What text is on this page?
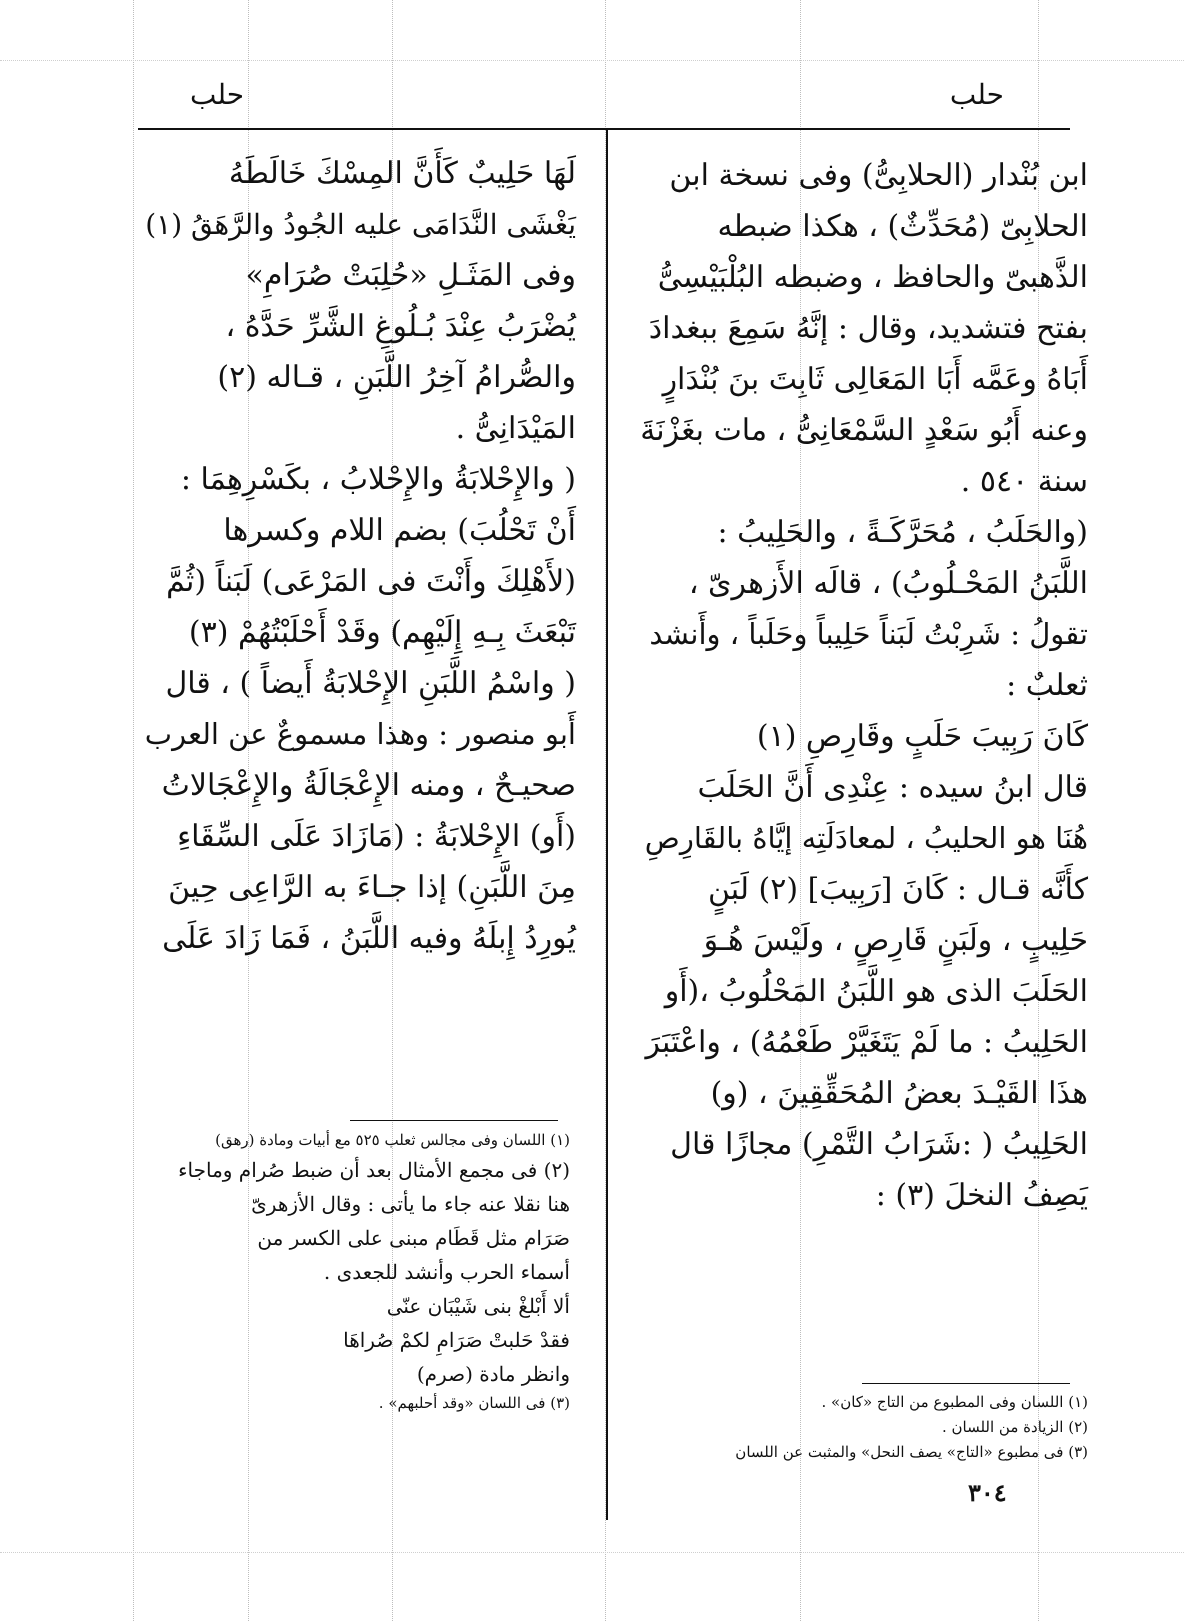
حلب
حلب
ابن بُنْدار (الحلابِىُّ) وفى نسخة ابن
الحلابِىّ (مُحَدِّثٌ) ، هكذا ضبطه
الذَّهبىّ والحافظ ، وضبطه البُلْبَيْسِىُّ
بفتح فتشديد، وقال : إنَّهُ سَمِعَ ببغدادَ
أَبَاهُ وعَمَّه أَبَا المَعَالِى ثَابِتَ بنَ بُنْدَارٍ
وعنه أَبُو سَعْدٍ السَّمْعَانِىُّ ، مات بغَزْنَةَ
سنة ٥٤٠ .
(والحَلَبُ ، مُحَرَّكَـةً ، والحَلِيبُ :
اللَّبَنُ المَحْـلُوبُ) ، قالَه الأَزهرىّ ،
تقولُ : شَرِبْتُ لَبَناً حَلِيباً وحَلَباً ، وأَنشد
ثعلبٌ :
كَانَ رَبِيبَ حَلَبٍ وقَارِصِ (١)
قال ابنُ سيده : عِنْدِى أَنَّ الحَلَبَ
هُنَا هو الحليبُ ، لمعادَلَتِه إيَّاهُ بالقَارِصِ
كأَنَّه قـال : كَانَ [رَبِيبَ] (٢) لَبَنٍ
حَلِيبٍ ، ولَبَنٍ قَارِصٍ ، ولَيْسَ هُـوَ
الحَلَبَ الذى هو اللَّبَنُ المَحْلُوبُ ،(أَو
الحَلِيبُ : ما لَمْ يَتَغَيَّرْ طَعْمُهُ) ، واعْتَبَرَ
هذَا القَيْـدَ بعضُ المُحَقِّقِينَ ، (و)
الحَلِيبُ ( :شَرَابُ التَّمْرِ) مجازًا قال
يَصِفُ النخلَ (٣) :
لَهَا حَلِيبٌ كَأَنَّ المِسْكَ خَالَطَهُ
يَغْشَى النَّدَامَى عليه الجُودُ والرَّهَقُ (١)
وفى المَثَـلِ «حُلِبَتْ صُرَامِ»
يُضْرَبُ عِنْدَ بُـلُوغِ الشَّرِّ حَدَّهُ ،
والصُّرامُ آخِرُ اللَّبَنِ ، قـاله (٢)
المَيْدَانِىُّ .
( والإِحْلابَةُ والإِحْلابُ ، بكَسْرِهِمَا :
أَنْ تَحْلُبَ) بضم اللام وكسرها
(لأَهْلِكَ وأَنْتَ فى المَرْعَى) لَبَناً (ثُمَّ
تَبْعَثَ بِـهِ إِلَيْهِم) وقَدْ أَحْلَبْتُهُمْ (٣)
( واسْمُ اللَّبَنِ الإِحْلابَةُ أَيضاً ) ، قال
أَبو منصور : وهذا مسموعٌ عن العرب
صحيـحٌ ، ومنه الإِعْجَالَةُ والإِعْجَالاتُ
(أَو) الإِحْلابَةُ : (مَازَادَ عَلَى السِّقَاءِ
مِنَ اللَّبَنِ) إذا جـاءَ به الرَّاعِى حِينَ
يُورِدُ إِبلَهُ وفيه اللَّبَنُ ، فَمَا زَادَ عَلَى
(١) اللسان وفى المطبوع من التاج «كان» .
(٢) الزيادة من اللسان .
(٣) فى مطبوع «التاج» يصف النحل» والمثبت عن اللسان
(١) اللسان وفى مجالس ثعلب ٥٢٥ مع أبيات ومادة (رهق)
(٢) فى مجمع الأمثال بعد أن ضبط صُرام وماجاء
هنا نقلا عنه جاء ما يأتى : وقال الأزهرىّ
صَرَام مثل قَطَام مبنى على الكسر من
أسماء الحرب وأنشد للجعدى .
ألا أَبْلغْ بنى شَيْبَان عنّى
فقدْ حَلبتْ صَرَامِ لكمْ صُراهَا
وانظر مادة (صرم)
(٣) فى اللسان «وقد أحلبهم» .
٣٠٤
